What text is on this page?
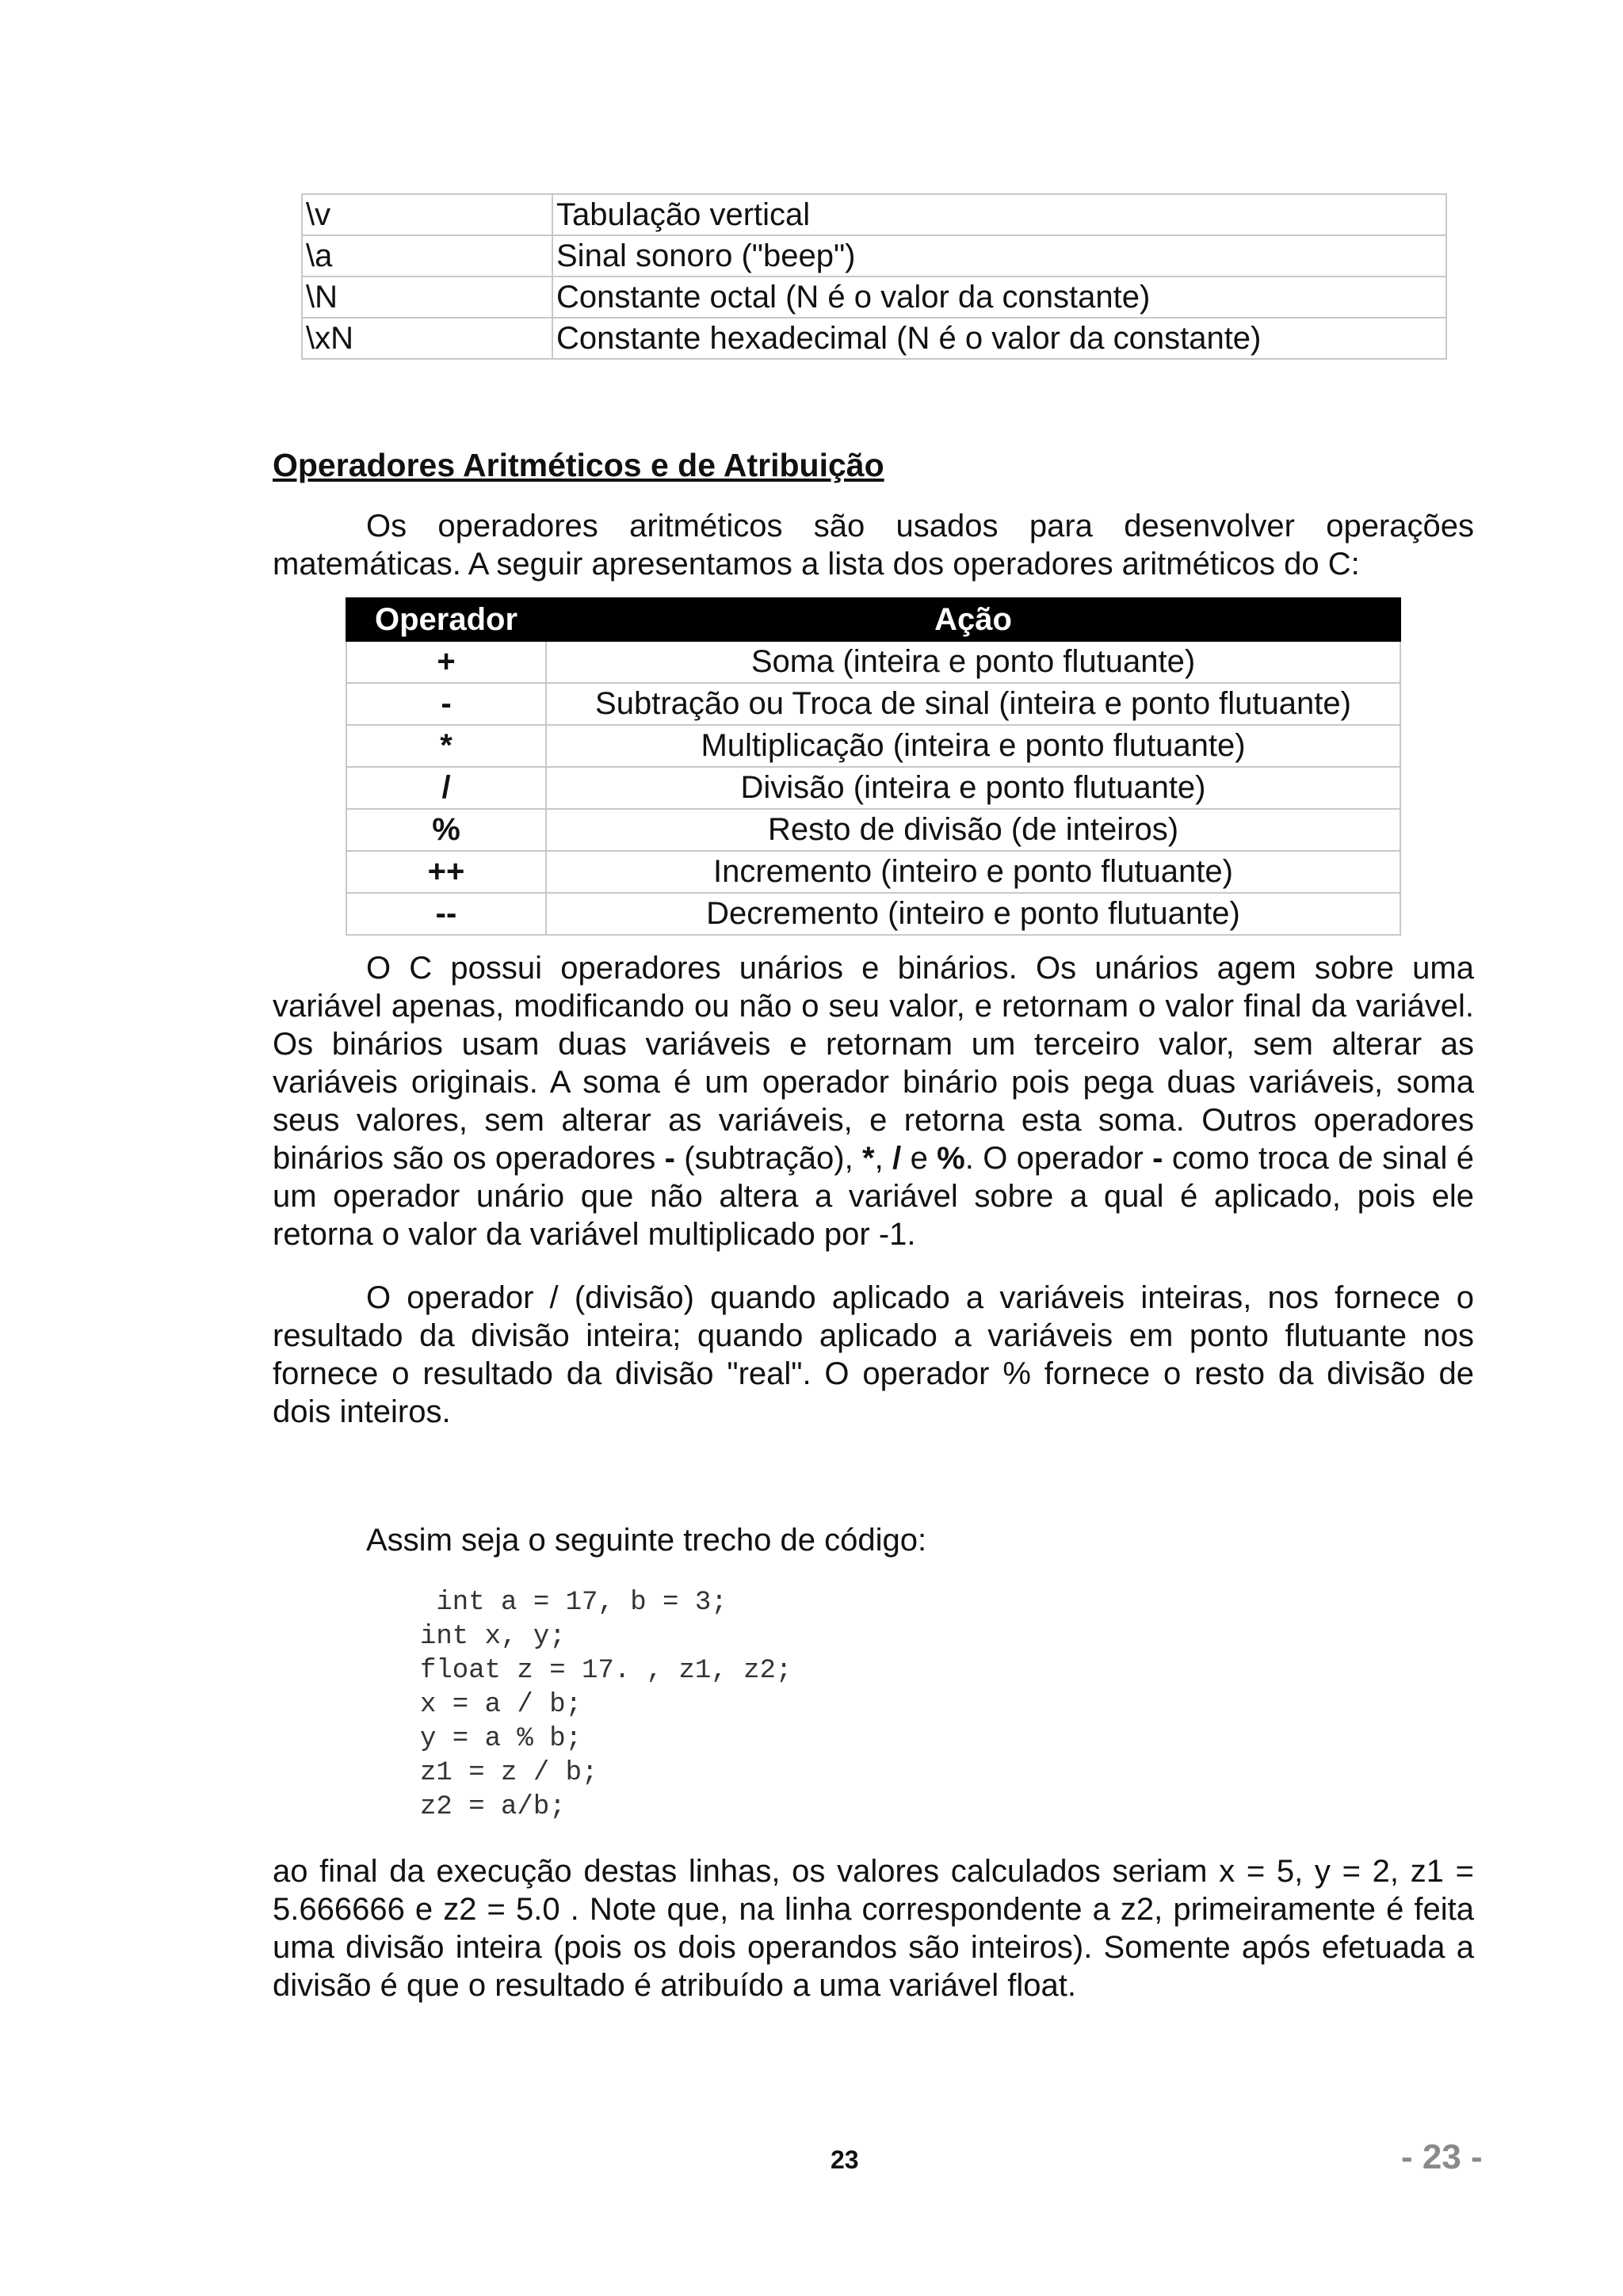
\v	Tabulação vertical
\a	Sinal sonoro ("beep")
\N	Constante octal (N é o valor da constante)
\xN	Constante hexadecimal (N é o valor da constante)
Operadores Aritméticos e de Atribuição

Os operadores aritméticos são usados para desenvolver operações matemáticas. A seguir apresentamos a lista dos operadores aritméticos do C:

Operador	Ação
+	Soma (inteira e ponto flutuante)
-	Subtração ou Troca de sinal (inteira e ponto flutuante)
*	Multiplicação (inteira e ponto flutuante)
/	Divisão (inteira e ponto flutuante)
%	Resto de divisão (de inteiros)
++	Incremento (inteiro e ponto flutuante)
--	Decremento (inteiro e ponto flutuante)

O C possui operadores unários e binários. Os unários agem sobre uma variável apenas, modificando ou não o seu valor, e retornam o valor final da variável. Os binários usam duas variáveis e retornam um terceiro valor, sem alterar as variáveis originais. A soma é um operador binário pois pega duas variáveis, soma seus valores, sem alterar as variáveis, e retorna esta soma. Outros operadores binários são os operadores - (subtração), *, / e %. O operador - como troca de sinal é um operador unário que não altera a variável sobre a qual é aplicado, pois ele retorna o valor da variável multiplicado por -1.

O operador / (divisão) quando aplicado a variáveis inteiras, nos fornece o resultado da divisão inteira; quando aplicado a variáveis em ponto flutuante nos fornece o resultado da divisão "real". O operador % fornece o resto da divisão de dois inteiros.

Assim seja o seguinte trecho de código:

int a = 17, b = 3;
int x, y;
float z = 17. , z1, z2;
x = a / b;
y = a % b;
z1 = z / b;
z2 = a/b;

ao final da execução destas linhas, os valores calculados seriam x = 5, y = 2, z1 = 5.666666 e z2 = 5.0 . Note que, na linha correspondente a z2, primeiramente é feita uma divisão inteira (pois os dois operandos são inteiros). Somente após efetuada a divisão é que o resultado é atribuído a uma variável float.

23	- 23 -
